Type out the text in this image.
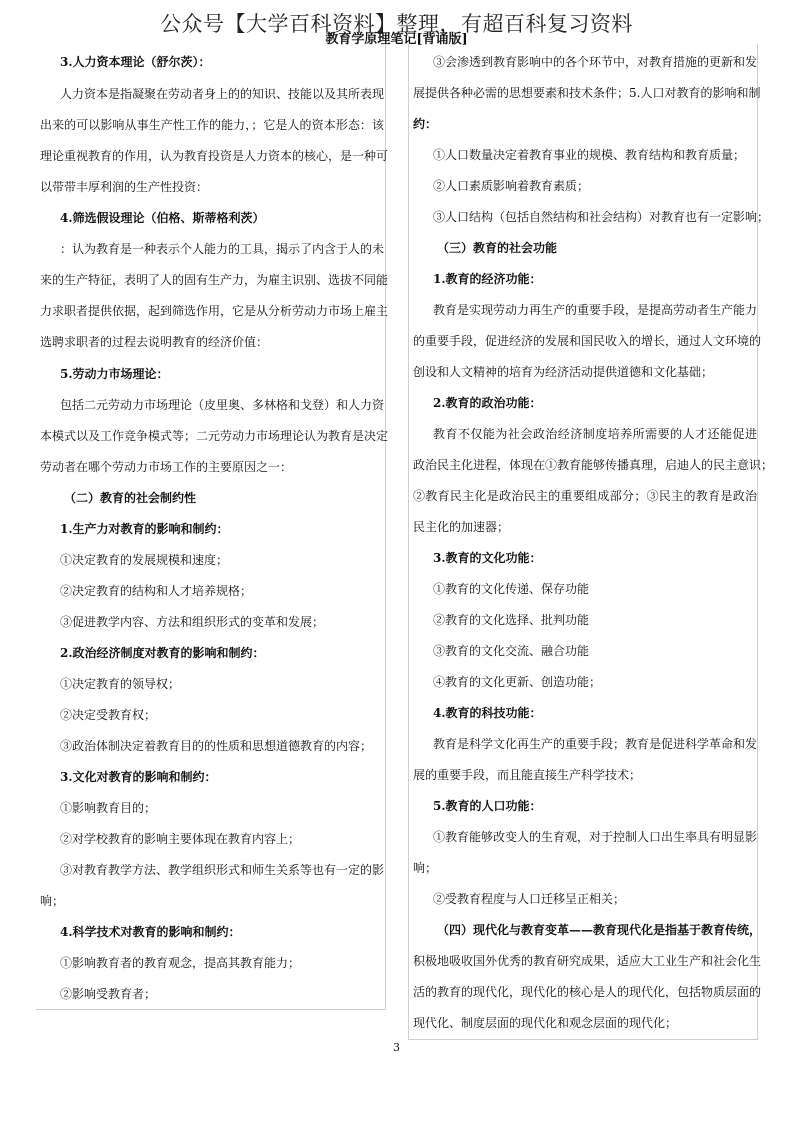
公众号【大学百科资料】整理，有超百科复习资料
教育学原理笔记[背诵版]
3.人力资本理论（舒尔茨）：
人力资本是指凝聚在劳动者身上的的知识、技能以及其所表现
出来的可以影响从事生产性工作的能力，；它是人的资本形态：该
理论重视教育的作用，认为教育投资是人力资本的核心，是一种可
以带带丰厚利润的生产性投资：
4.筛选假设理论（伯格、斯蒂格利茨）
：认为教育是一种表示个人能力的工具，揭示了内含于人的未
来的生产特征，表明了人的固有生产力，为雇主识别、选拔不同能
力求职者提供依据，起到筛选作用，它是从分析劳动力市场上雇主
选聘求职者的过程去说明教育的经济价值：
5.劳动力市场理论：
包括二元劳动力市场理论（皮里奥、多林格和戈登）和人力资
本模式以及工作竞争模式等；二元劳动力市场理论认为教育是决定
劳动者在哪个劳动力市场工作的主要原因之一：
（二）教育的社会制约性
1.生产力对教育的影响和制约：
①决定教育的发展规模和速度；
②决定教育的结构和人才培养规格；
③促进教学内容、方法和组织形式的变革和发展；
2.政治经济制度对教育的影响和制约：
①决定教育的领导权；
②决定受教育权；
③政治体制决定着教育目的的性质和思想道德教育的内容；
3.文化对教育的影响和制约：
①影响教育目的；
②对学校教育的影响主要体现在教育内容上；
③对教育教学方法、教学组织形式和师生关系等也有一定的影
响；
4.科学技术对教育的影响和制约：
①影响教育者的教育观念，提高其教育能力；
②影响受教育者；
③会渗透到教育影响中的各个环节中，对教育措施的更新和发
展提供各种必需的思想要素和技术条件；5.人口对教育的影响和制
约：
①人口数量决定着教育事业的规模、教育结构和教育质量；
②人口素质影响着教育素质；
③人口结构（包括自然结构和社会结构）对教育也有一定影响；
（三）教育的社会功能
1.教育的经济功能：
教育是实现劳动力再生产的重要手段，是提高劳动者生产能力
的重要手段，促进经济的发展和国民收入的增长，通过人文环境的
创设和人文精神的培育为经济活动提供道德和文化基础；
2.教育的政治功能：
教育不仅能为社会政治经济制度培养所需要的人才还能促进
政治民主化进程，体现在①教育能够传播真理，启迪人的民主意识；
②教育民主化是政治民主的重要组成部分；③民主的教育是政治
民主化的加速器；
3.教育的文化功能：
①教育的文化传递、保存功能
②教育的文化选择、批判功能
③教育的文化交流、融合功能
④教育的文化更新、创造功能；
4.教育的科技功能：
教育是科学文化再生产的重要手段；教育是促进科学革命和发
展的重要手段，而且能直接生产科学技术；
5.教育的人口功能：
①教育能够改变人的生育观，对于控制人口出生率具有明显影
响；
②受教育程度与人口迁移呈正相关；
（四）现代化与教育变革——教育现代化是指基于教育传统，
积极地吸收国外优秀的教育研究成果，适应大工业生产和社会化生
活的教育的现代化，现代化的核心是人的现代化，包括物质层面的
现代化、制度层面的现代化和观念层面的现代化；
3
